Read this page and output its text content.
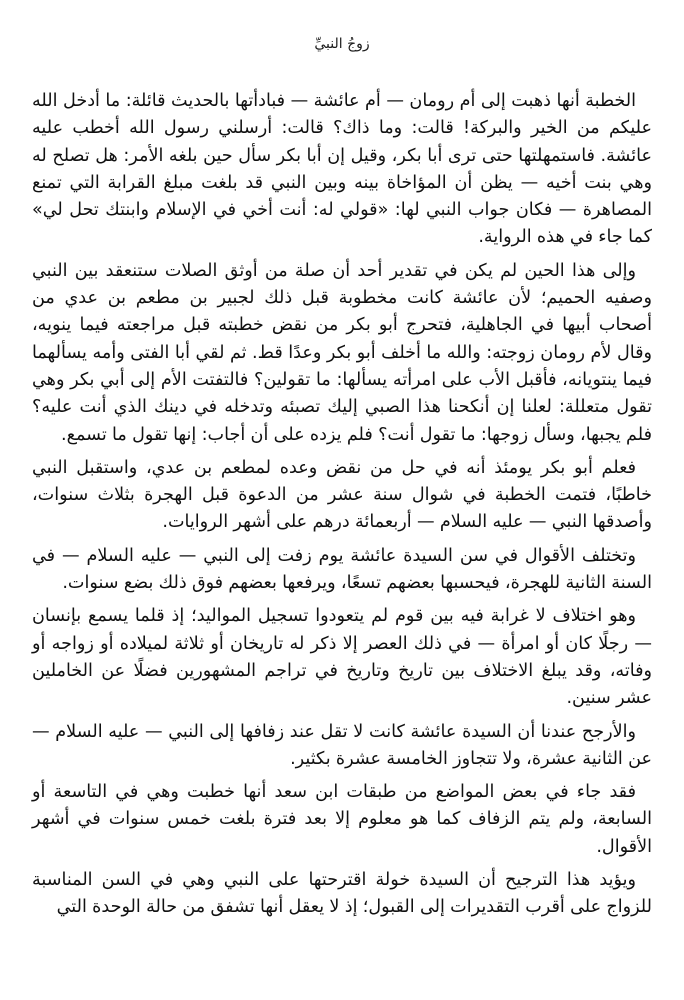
زوجُ النبيِّ

الخطبة أنها ذهبت إلى أم رومان — أم عائشة — فبادأتها بالحديث قائلة: ما أدخل الله عليكم من الخير والبركة! قالت: وما ذاك؟ قالت: أرسلني رسول الله أخطب عليه عائشة. فاستمهلتها حتى ترى أبا بكر، وقيل إن أبا بكر سأل حين بلغه الأمر: هل تصلح له وهي بنت أخيه — يظن أن المؤاخاة بينه وبين النبي قد بلغت مبلغ القرابة التي تمنع المصاهرة — فكان جواب النبي لها: «قولي له: أنت أخي في الإسلام وابنتك تحل لي» كما جاء في هذه الرواية.

وإلى هذا الحين لم يكن في تقدير أحد أن صلة من أوثق الصلات ستنعقد بين النبي وصفيه الحميم؛ لأن عائشة كانت مخطوبة قبل ذلك لجبير بن مطعم بن عدي من أصحاب أبيها في الجاهلية، فتحرج أبو بكر من نقض خطبته قبل مراجعته فيما ينويه، وقال لأم رومان زوجته: والله ما أخلف أبو بكر وعدًا قط. ثم لقي أبا الفتى وأمه يسألهما فيما ينتويانه، فأقبل الأب على امرأته يسألها: ما تقولين؟ فالتفتت الأم إلى أبي بكر وهي تقول متعللة: لعلنا إن أنكحنا هذا الصبي إليك تصبئه وتدخله في دينك الذي أنت عليه؟ فلم يجبها، وسأل زوجها: ما تقول أنت؟ فلم يزده على أن أجاب: إنها تقول ما تسمع.

فعلم أبو بكر يومئذ أنه في حل من نقض وعده لمطعم بن عدي، واستقبل النبي خاطبًا، فتمت الخطبة في شوال سنة عشر من الدعوة قبل الهجرة بثلاث سنوات، وأصدقها النبي — عليه السلام — أربعمائة درهم على أشهر الروايات.

وتختلف الأقوال في سن السيدة عائشة يوم زفت إلى النبي — عليه السلام — في السنة الثانية للهجرة، فيحسبها بعضهم تسعًا، ويرفعها بعضهم فوق ذلك بضع سنوات.

وهو اختلاف لا غرابة فيه بين قوم لم يتعودوا تسجيل المواليد؛ إذ قلما يسمع بإنسان — رجلًا كان أو امرأة — في ذلك العصر إلا ذكر له تاريخان أو ثلاثة لميلاده أو زواجه أو وفاته، وقد يبلغ الاختلاف بين تاريخ وتاريخ في تراجم المشهورين فضلًا عن الخاملين عشر سنين.

والأرجح عندنا أن السيدة عائشة كانت لا تقل عند زفافها إلى النبي — عليه السلام — عن الثانية عشرة، ولا تتجاوز الخامسة عشرة بكثير.

فقد جاء في بعض المواضع من طبقات ابن سعد أنها خطبت وهي في التاسعة أو السابعة، ولم يتم الزفاف كما هو معلوم إلا بعد فترة بلغت خمس سنوات في أشهر الأقوال.

ويؤيد هذا الترجيح أن السيدة خولة اقترحتها على النبي وهي في السن المناسبة للزواج على أقرب التقديرات إلى القبول؛ إذ لا يعقل أنها تشفق من حالة الوحدة التي
